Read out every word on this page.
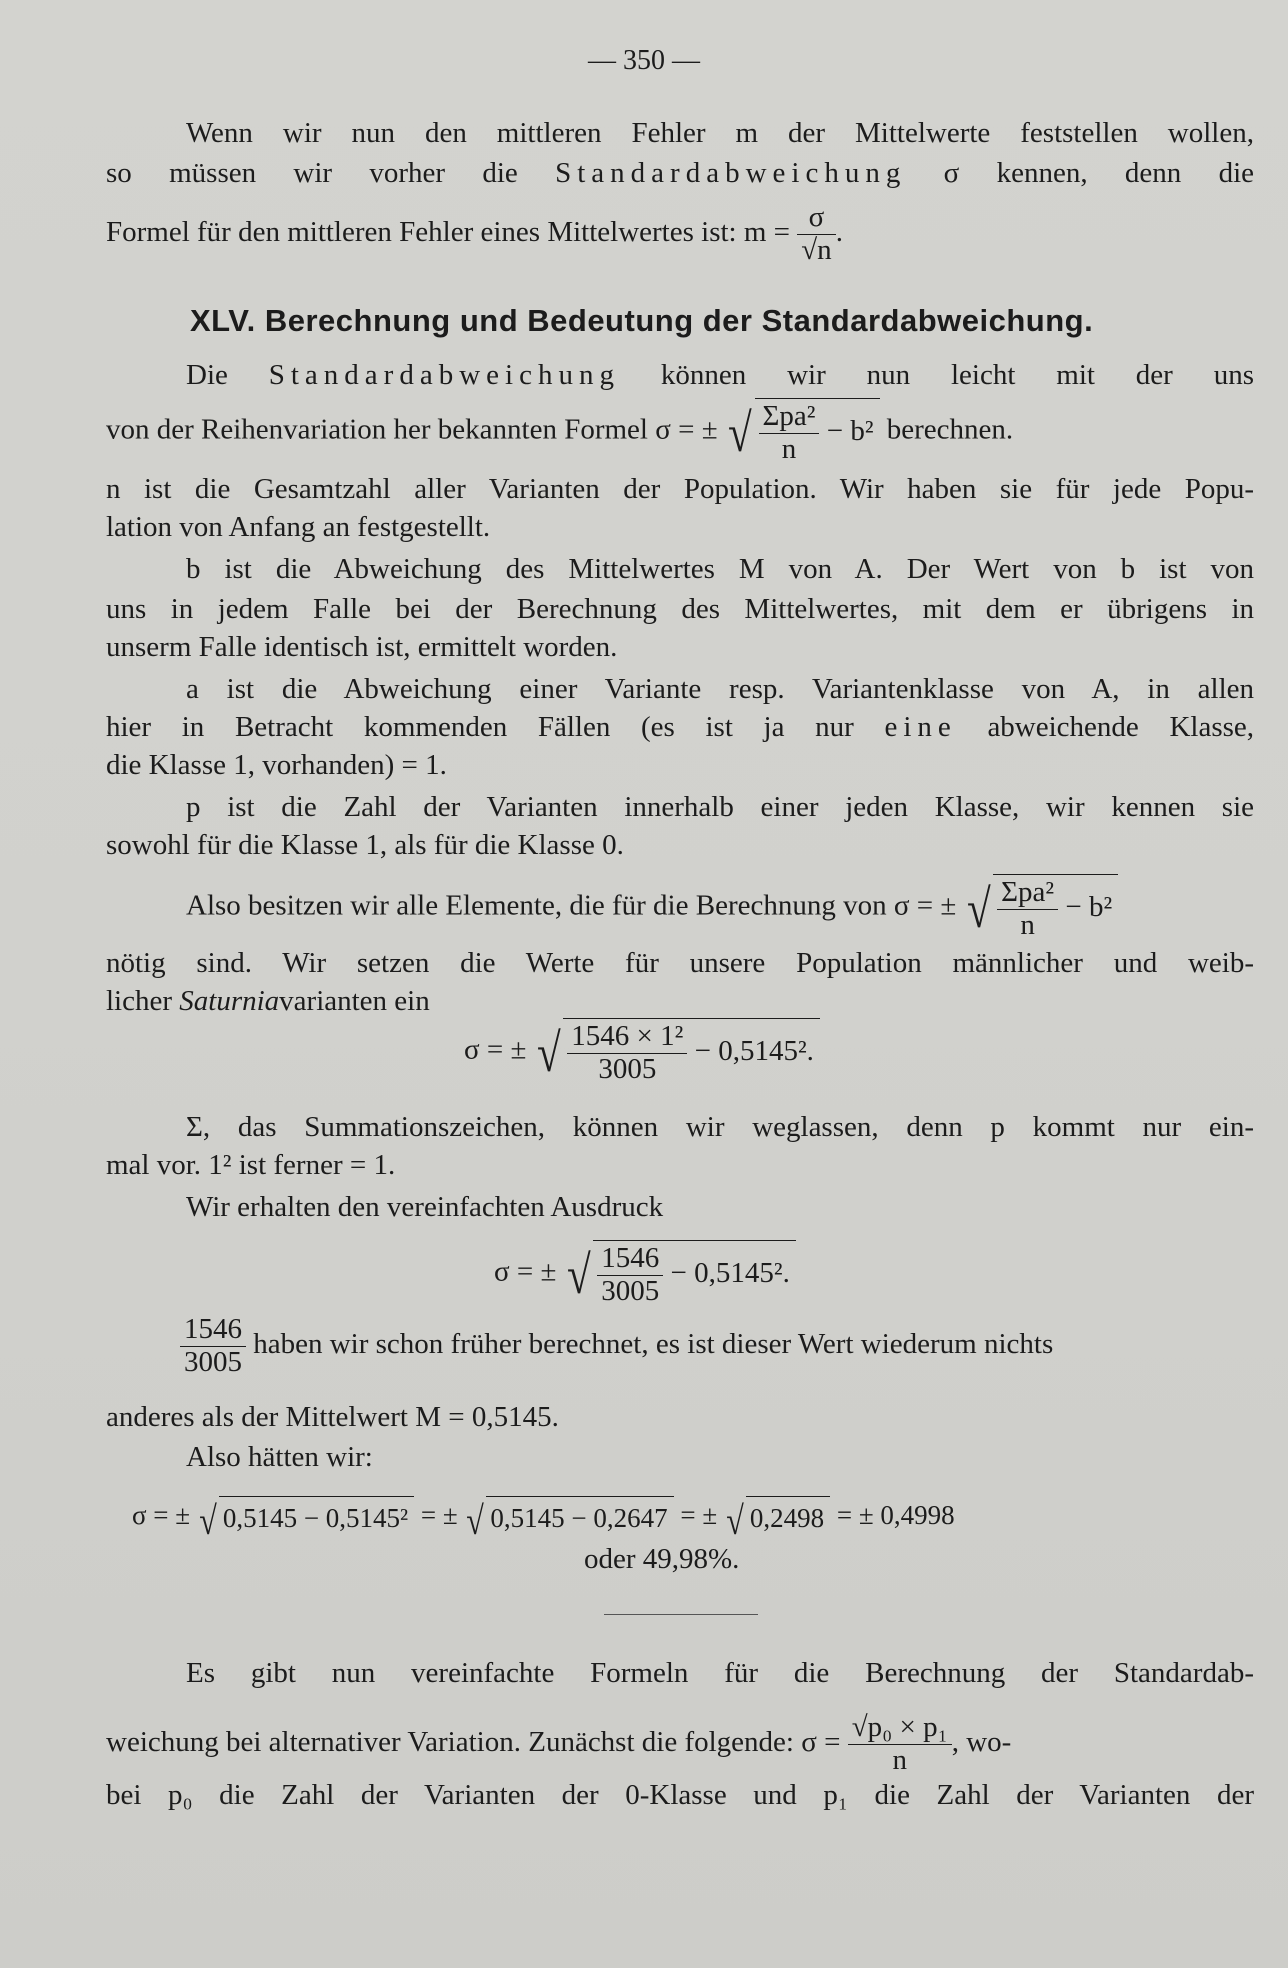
— 350 —
Wenn wir nun den mittleren Fehler m der Mittelwerte feststellen wollen,
so müssen wir vorher die Standardabweichung σ kennen, denn die
Formel für den mittleren Fehler eines Mittelwertes ist: $m = \frac{\sigma}{√n}$ .
XLV. Berechnung und Bedeutung der Standardabweichung.
Die Standardabweichung können wir nun leicht mit der uns
von der Reihenvariation her bekannten Formel σ = ± √ $\frac{\text{Σpa²}}{n} - b^2$ berechnen.
n ist die Gesamtzahl aller Varianten der Population. Wir haben sie für jede Popu-
lation von Anfang an festgestellt.
b ist die Abweichung des Mittelwertes M von A. Der Wert von b ist von
uns in jedem Falle bei der Berechnung des Mittelwertes, mit dem er übrigens in
unserm Falle identisch ist, ermittelt worden.
a ist die Abweichung einer Variante resp. Variantenklasse von A, in allen
hier in Betracht kommenden Fällen (es ist ja nur eine abweichende Klasse,
die Klasse 1, vorhanden) = 1.
p ist die Zahl der Varianten innerhalb einer jeden Klasse, wir kennen sie
sowohl für die Klasse 1, als für die Klasse 0.
Also besitzen wir alle Elemente, die für die Berechnung von σ = ± √ $\frac{\text{Σpa²}}{n} - b^2$
nötig sind. Wir setzen die Werte für unsere Population männlicher und weib-
licher Saturniavarianten ein
σ = ± √ $\frac{\text{1546 × 1²}}{3005} - 0,5145^2$.
Σ, das Summationszeichen, können wir weglassen, denn p kommt nur ein-
mal vor. 1² ist ferner = 1.
Wir erhalten den vereinfachten Ausdruck
σ = ± √ $\frac{1546}{3005} - 0,5145^2$.
$\frac{1546}{3005}$ haben wir schon früher berechnet, es ist dieser Wert wiederum nichts
anderes als der Mittelwert M = 0,5145.
Also hätten wir:
σ = ± √ 0,5145 − 0,5145² = ± √ 0,5145 − 0,2647 = ± √ 0,2498 = ± 0,4998
oder 49,98%.
Es gibt nun vereinfachte Formeln für die Berechnung der Standardab-
weichung bei alternativer Variation. Zunächst die folgende: $\sigma = \frac{\text{√p₀ × p₁}}{n}$ , wo-
bei p₀ die Zahl der Varianten der 0-Klasse und p₁ die Zahl der Varianten der
